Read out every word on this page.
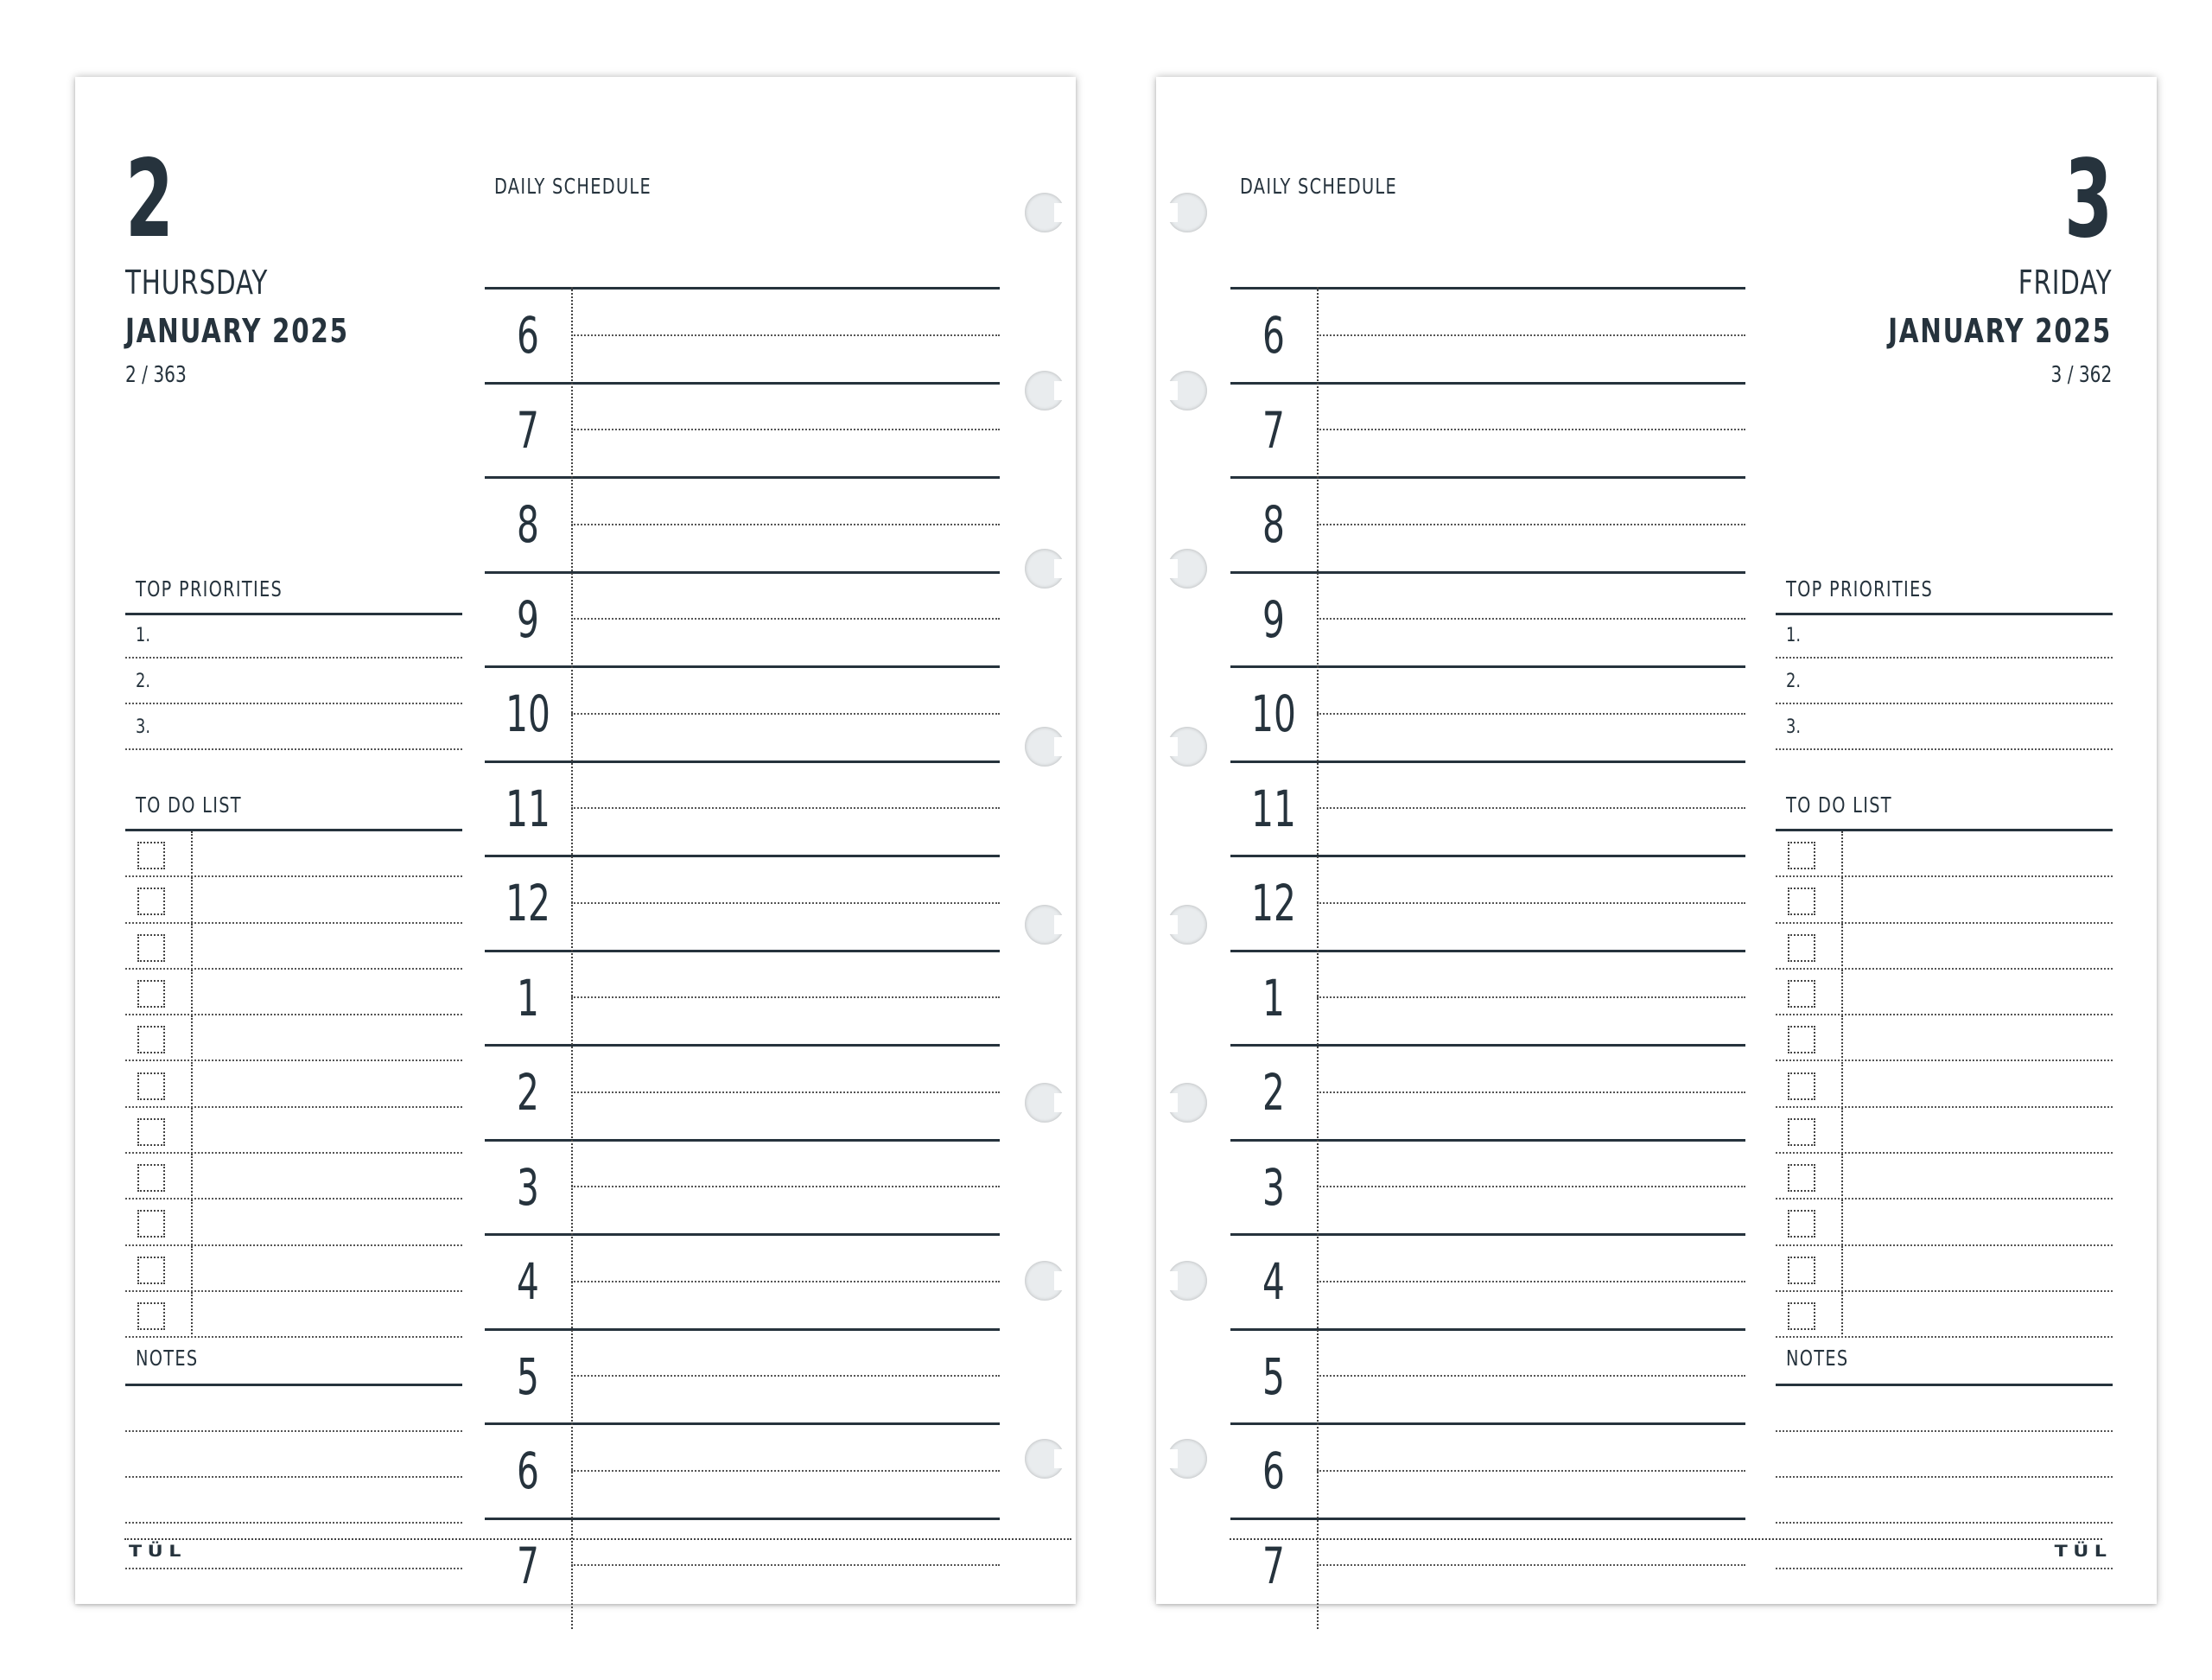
2
THURSDAY
JANUARY 2025
2 / 363
TOP PRIORITIES
1.
2.
3.
TO DO LIST
NOTES
DAILY SCHEDULE
6
7
8
9
10
11
12
1
2
3
4
5
6
7
TÜL
3
FRIDAY
JANUARY 2025
3 / 362
DAILY SCHEDULE
6
7
8
9
10
11
12
1
2
3
4
5
6
7
TOP PRIORITIES
1.
2.
3.
TO DO LIST
NOTES
TÜL
